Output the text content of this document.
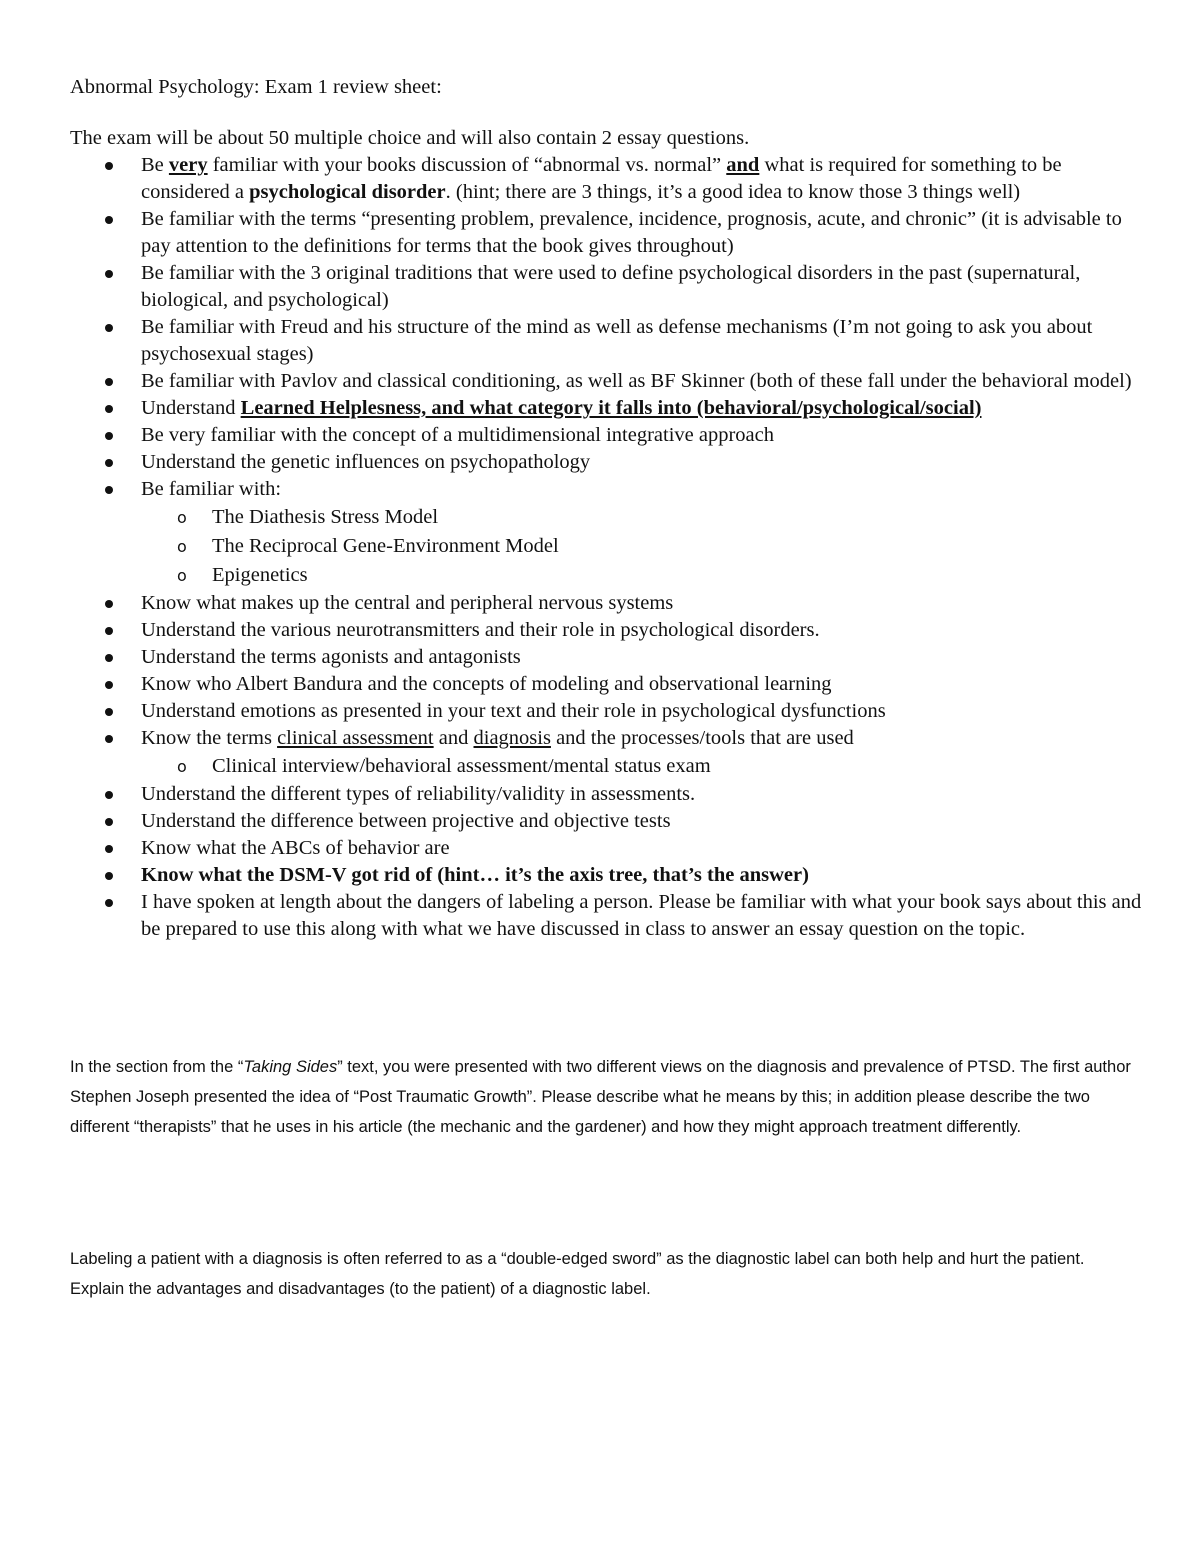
Abnormal Psychology: Exam 1 review sheet:
The exam will be about 50 multiple choice and will also contain 2 essay questions.
Be very familiar with your books discussion of “abnormal vs. normal” and what is required for something to be considered a psychological disorder. (hint; there are 3 things, it’s a good idea to know those 3 things well)
Be familiar with the terms “presenting problem, prevalence, incidence, prognosis, acute, and chronic” (it is advisable to pay attention to the definitions for terms that the book gives throughout)
Be familiar with the 3 original traditions that were used to define psychological disorders in the past (supernatural, biological, and psychological)
Be familiar with Freud and his structure of the mind as well as defense mechanisms (I’m not going to ask you about psychosexual stages)
Be familiar with Pavlov and classical conditioning, as well as BF Skinner (both of these fall under the behavioral model)
Understand Learned Helplesness, and what category it falls into (behavioral/psychological/social)
Be very familiar with the concept of a multidimensional integrative approach
Understand the genetic influences on psychopathology
Be familiar with:
o The Diathesis Stress Model
o The Reciprocal Gene-Environment Model
o Epigenetics
Know what makes up the central and peripheral nervous systems
Understand the various neurotransmitters and their role in psychological disorders.
Understand the terms agonists and antagonists
Know who Albert Bandura and the concepts of modeling and observational learning
Understand emotions as presented in your text and their role in psychological dysfunctions
Know the terms clinical assessment and diagnosis and the processes/tools that are used
o Clinical interview/behavioral assessment/mental status exam
Understand the different types of reliability/validity in assessments.
Understand the difference between projective and objective tests
Know what the ABCs of behavior are
Know what the DSM-V got rid of (hint… it’s the axis tree, that’s the answer)
I have spoken at length about the dangers of labeling a person. Please be familiar with what your book says about this and be prepared to use this along with what we have discussed in class to answer an essay question on the topic.
In the section from the “Taking Sides” text, you were presented with two different views on the diagnosis and prevalence of PTSD. The first author Stephen Joseph presented the idea of “Post Traumatic Growth”. Please describe what he means by this; in addition please describe the two different “therapists” that he uses in his article (the mechanic and the gardener) and how they might approach treatment differently.
Labeling a patient with a diagnosis is often referred to as a “double-edged sword” as the diagnostic label can both help and hurt the patient. Explain the advantages and disadvantages (to the patient) of a diagnostic label.
